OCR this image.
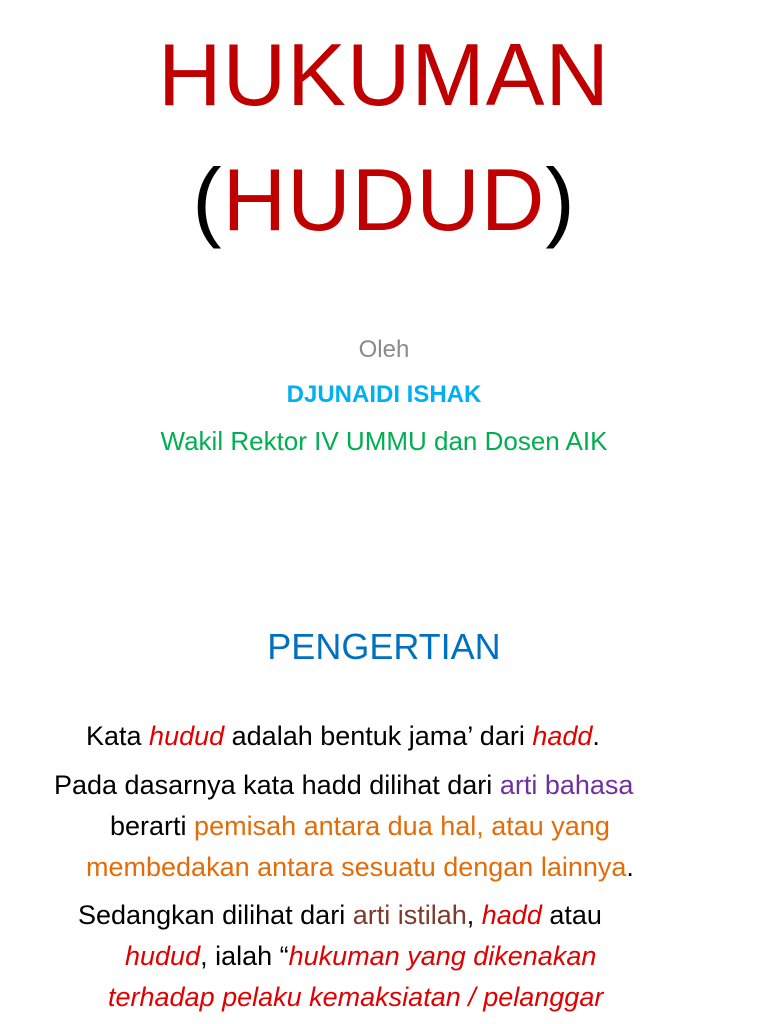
HUKUMAN
(HUDUD)
Oleh
DJUNAIDI ISHAK
Wakil Rektor IV UMMU dan Dosen AIK
PENGERTIAN
Kata hudud adalah bentuk jama’ dari hadd.
Pada dasarnya kata hadd dilihat dari arti bahasa
berarti pemisah antara dua hal, atau yang
membedakan antara sesuatu dengan lainnya.
Sedangkan dilihat dari arti istilah, hadd atau
hudud, ialah “hukuman yang dikenakan
terhadap pelaku kemaksiatan / pelanggar
